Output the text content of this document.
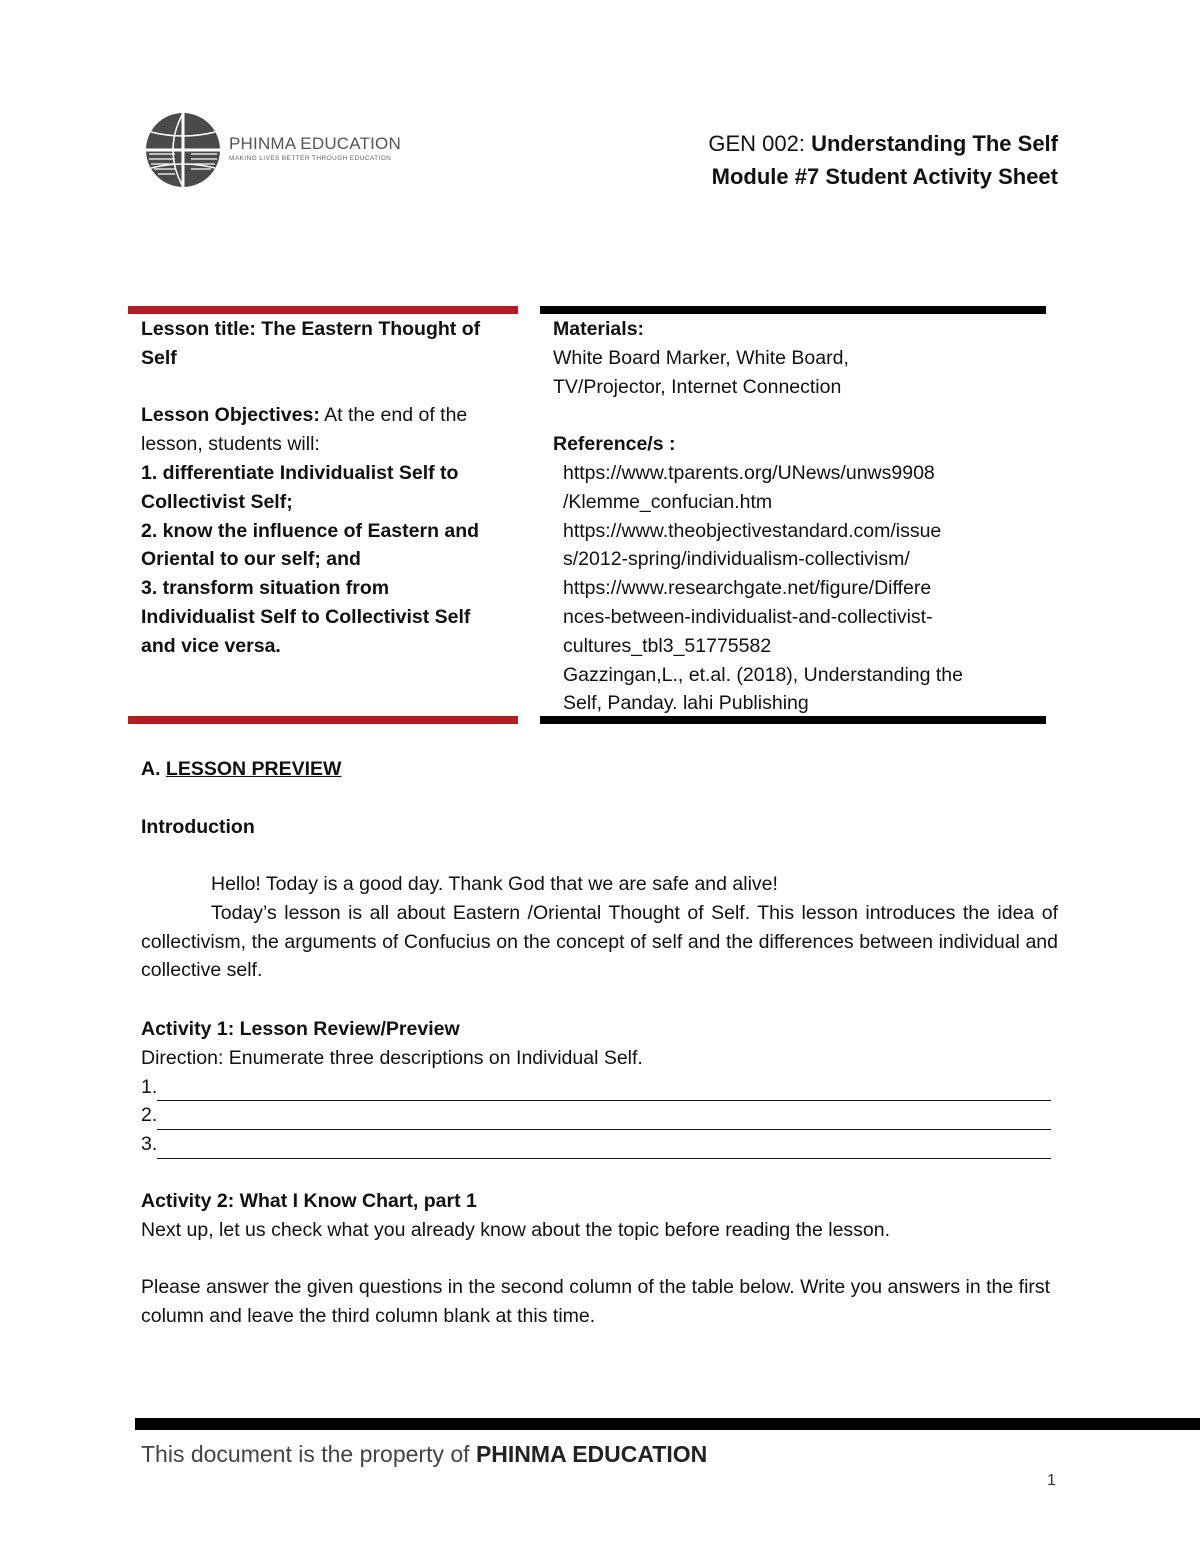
PHINMA EDUCATION
MAKING LIVES BETTER THROUGH EDUCATION
GEN 002: Understanding The Self
Module #7 Student Activity Sheet
Lesson title: The Eastern Thought of
Self
Lesson Objectives: At the end of the
lesson, students will:
1. differentiate Individualist Self to
Collectivist Self;
2. know the influence of Eastern and
Oriental to our self; and
3. transform situation from
Individualist Self to Collectivist Self
and vice versa.
Materials:
White Board Marker, White Board,
TV/Projector, Internet Connection
Reference/s :
https://www.tparents.org/UNews/unws9908
/Klemme_confucian.htm
https://www.theobjectivestandard.com/issue
s/2012-spring/individualism-collectivism/
https://www.researchgate.net/figure/Differe
nces-between-individualist-and-collectivist-
cultures_tbl3_51775582
Gazzingan,L., et.al. (2018), Understanding the
Self, Panday. lahi Publishing
A. LESSON PREVIEW
Introduction

Hello! Today is a good day. Thank God that we are safe and alive!

Today’s lesson is all about Eastern /Oriental Thought of Self. This lesson introduces the idea of collectivism, the arguments of Confucius on the concept of self and the differences between individual and collective self.

Activity 1: Lesson Review/Preview
Direction: Enumerate three descriptions on Individual Self.
1.
2.
3.
Activity 2: What I Know Chart, part 1
Next up, let us check what you already know about the topic before reading the lesson.
Please answer the given questions in the second column of the table below. Write you answers in the first column and leave the third column blank at this time.
This document is the property of PHINMA EDUCATION
1
